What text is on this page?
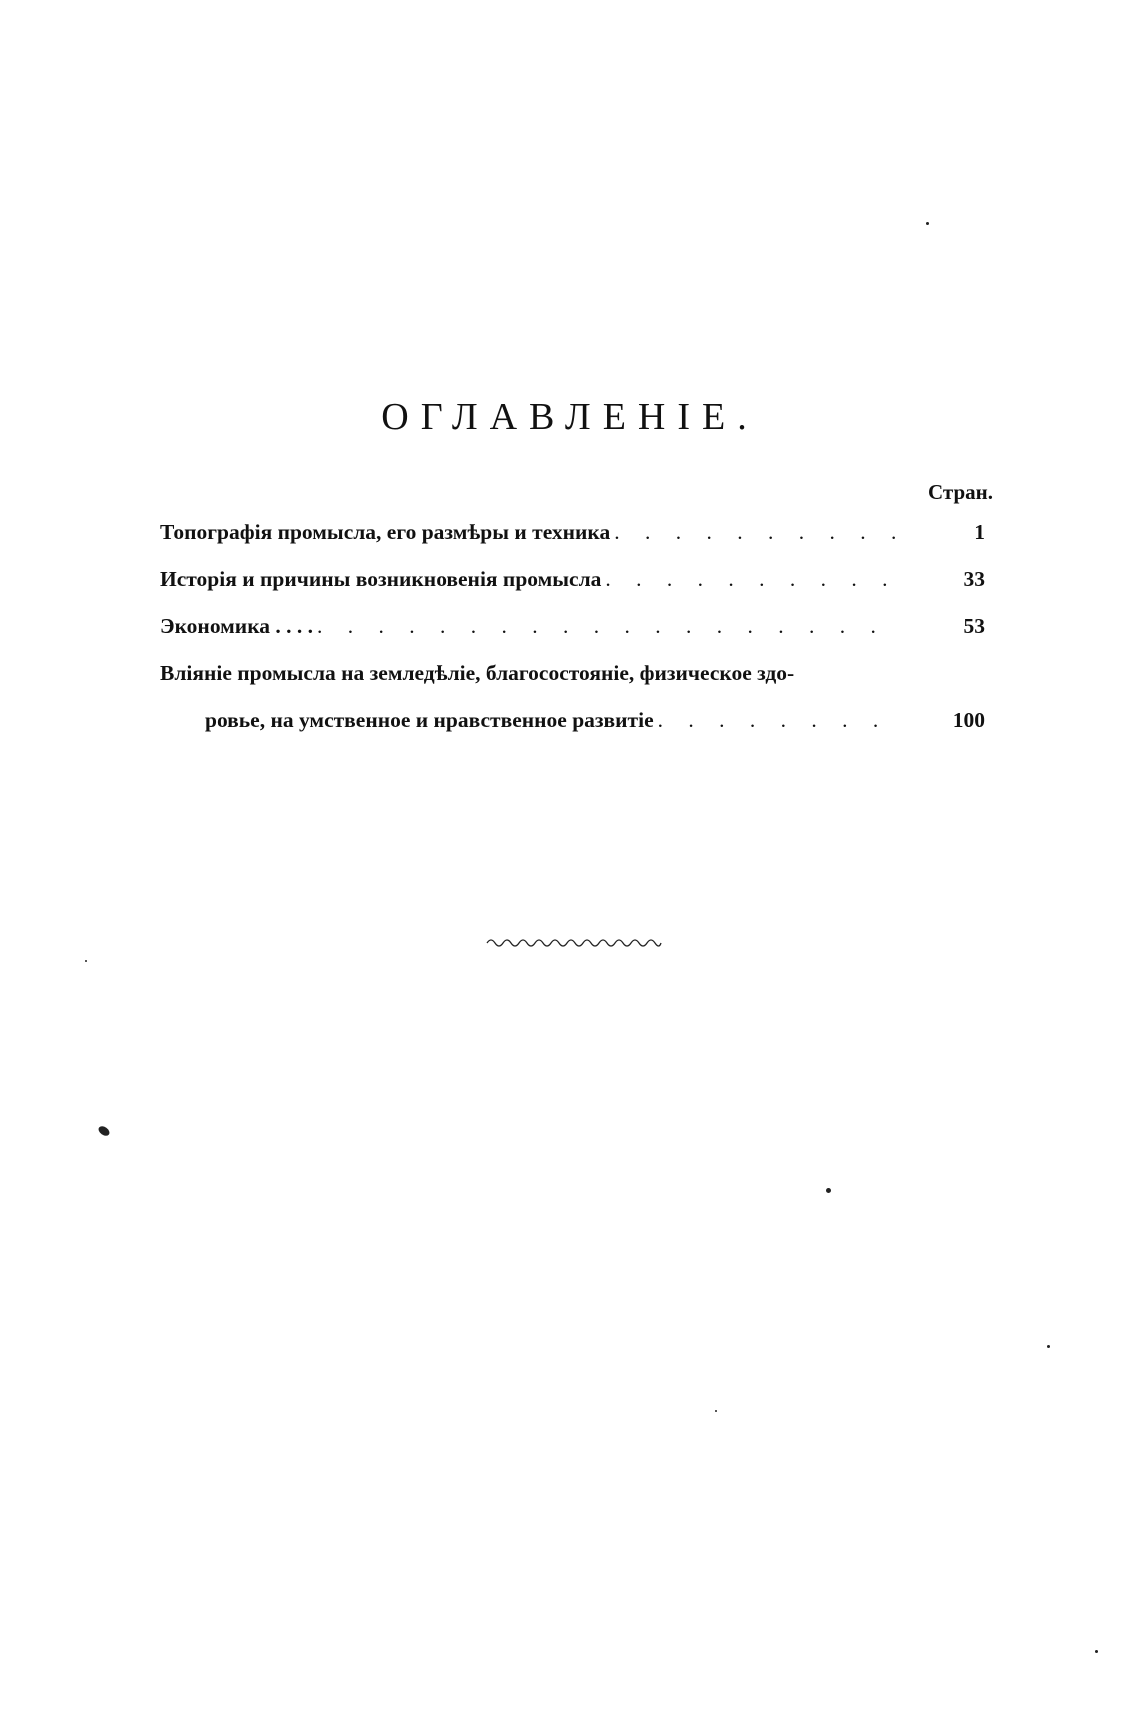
ОГЛАВЛЕНІЕ.
Стран.
Топографія промысла, его размѣры и техника . . .	1
Исторія и причины возникновенія промысла . . .	33
Экономика . . . . . . .	53
Вліяніе промысла на земледѣліе, благосостояніе, физическое здо-
ровье, на умственное и нравственное развитіе . . .	100
